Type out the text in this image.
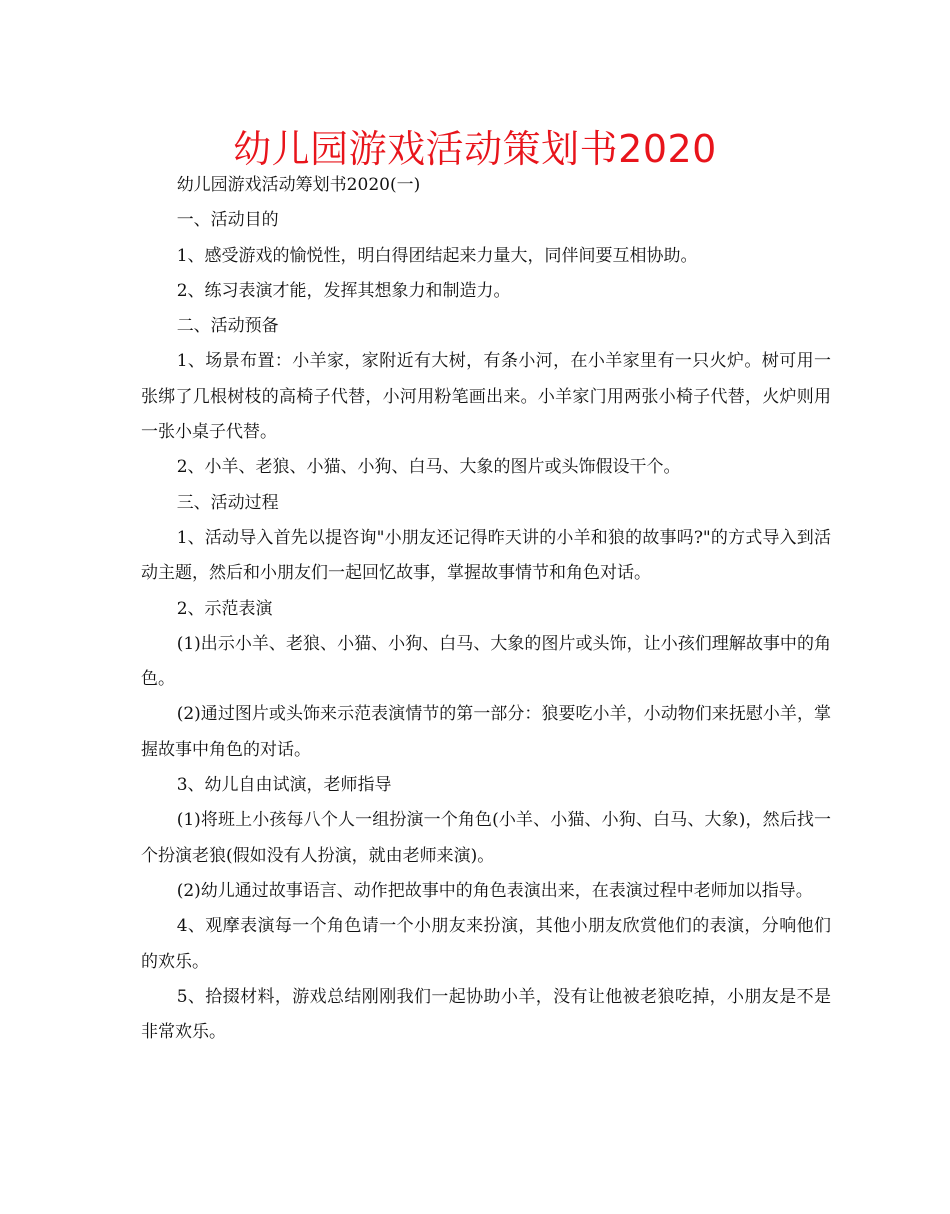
幼儿园游戏活动策划书2020

幼儿园游戏活动筹划书2020(一)

一、活动目的

1、感受游戏的愉悦性，明白得团结起来力量大，同伴间要互相协助。

2、练习表演才能，发挥其想象力和制造力。

二、活动预备

1、场景布置：小羊家，家附近有大树，有条小河，在小羊家里有一只火炉。树可用一张绑了几根树枝的高椅子代替，小河用粉笔画出来。小羊家门用两张小椅子代替，火炉则用一张小桌子代替。

2、小羊、老狼、小猫、小狗、白马、大象的图片或头饰假设干个。

三、活动过程

1、活动导入首先以提咨询"小朋友还记得昨天讲的小羊和狼的故事吗?"的方式导入到活动主题，然后和小朋友们一起回忆故事，掌握故事情节和角色对话。

2、示范表演

(1)出示小羊、老狼、小猫、小狗、白马、大象的图片或头饰，让小孩们理解故事中的角色。

(2)通过图片或头饰来示范表演情节的第一部分：狼要吃小羊，小动物们来抚慰小羊，掌握故事中角色的对话。

3、幼儿自由试演，老师指导

(1)将班上小孩每八个人一组扮演一个角色(小羊、小猫、小狗、白马、大象)，然后找一个扮演老狼(假如没有人扮演，就由老师来演)。

(2)幼儿通过故事语言、动作把故事中的角色表演出来，在表演过程中老师加以指导。

4、观摩表演每一个角色请一个小朋友来扮演，其他小朋友欣赏他们的表演，分响他们的欢乐。

5、拾掇材料，游戏总结刚刚我们一起协助小羊，没有让他被老狼吃掉，小朋友是不是非常欢乐。
